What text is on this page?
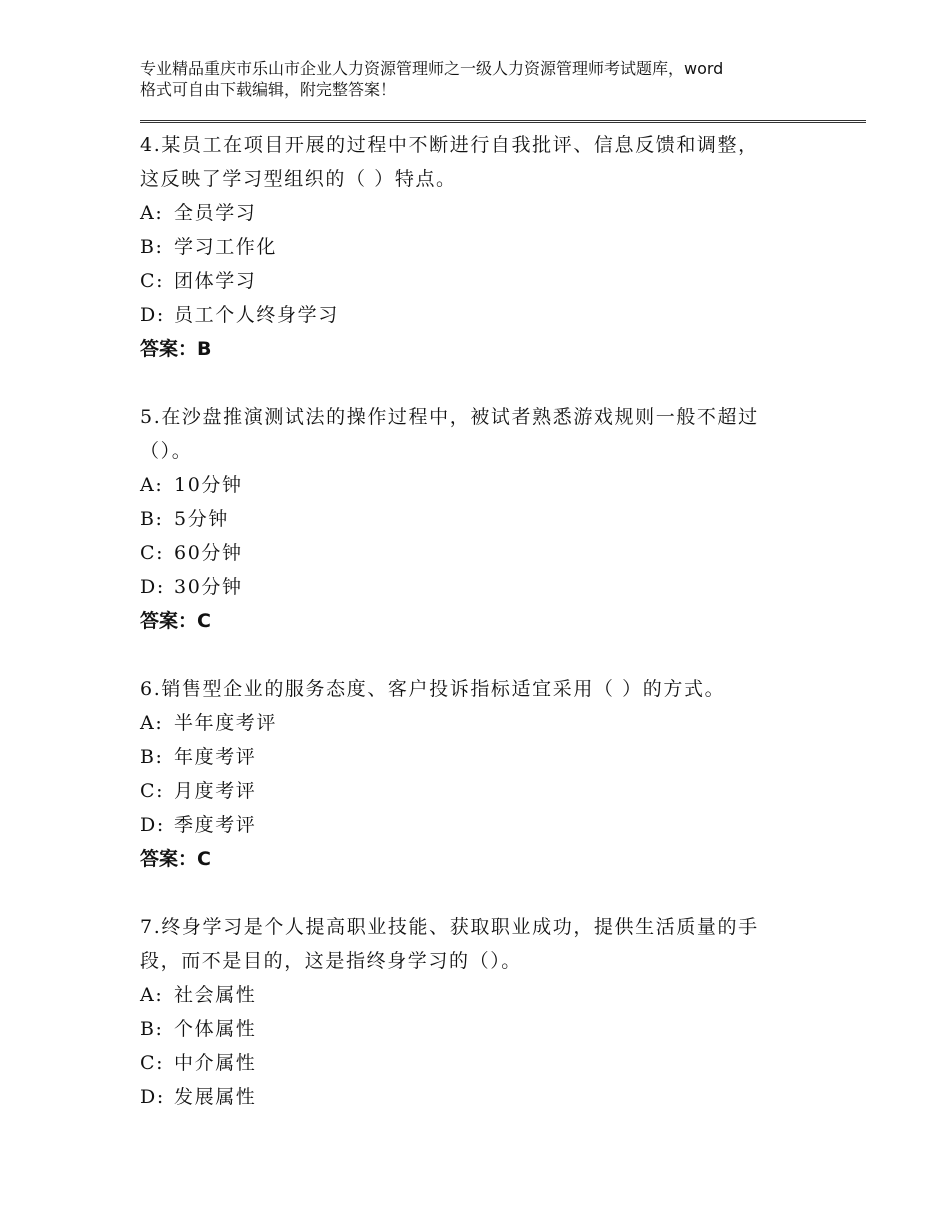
专业精品重庆市乐山市企业人力资源管理师之一级人力资源管理师考试题库，word
格式可自由下载编辑，附完整答案！

4.某员工在项目开展的过程中不断进行自我批评、信息反馈和调整，

这反映了学习型组织的（ ）特点。

A: 全员学习

B: 学习工作化

C: 团体学习

D: 员工个人终身学习

答案：B

5.在沙盘推演测试法的操作过程中，被试者熟悉游戏规则一般不超过

（）。

A: 10分钟

B: 5分钟

C: 60分钟

D: 30分钟

答案：C

6.销售型企业的服务态度、客户投诉指标适宜采用（ ）的方式。

A: 半年度考评

B: 年度考评

C: 月度考评

D: 季度考评

答案：C

7.终身学习是个人提高职业技能、获取职业成功，提供生活质量的手

段，而不是目的，这是指终身学习的（）。

A: 社会属性

B: 个体属性

C: 中介属性

D: 发展属性
